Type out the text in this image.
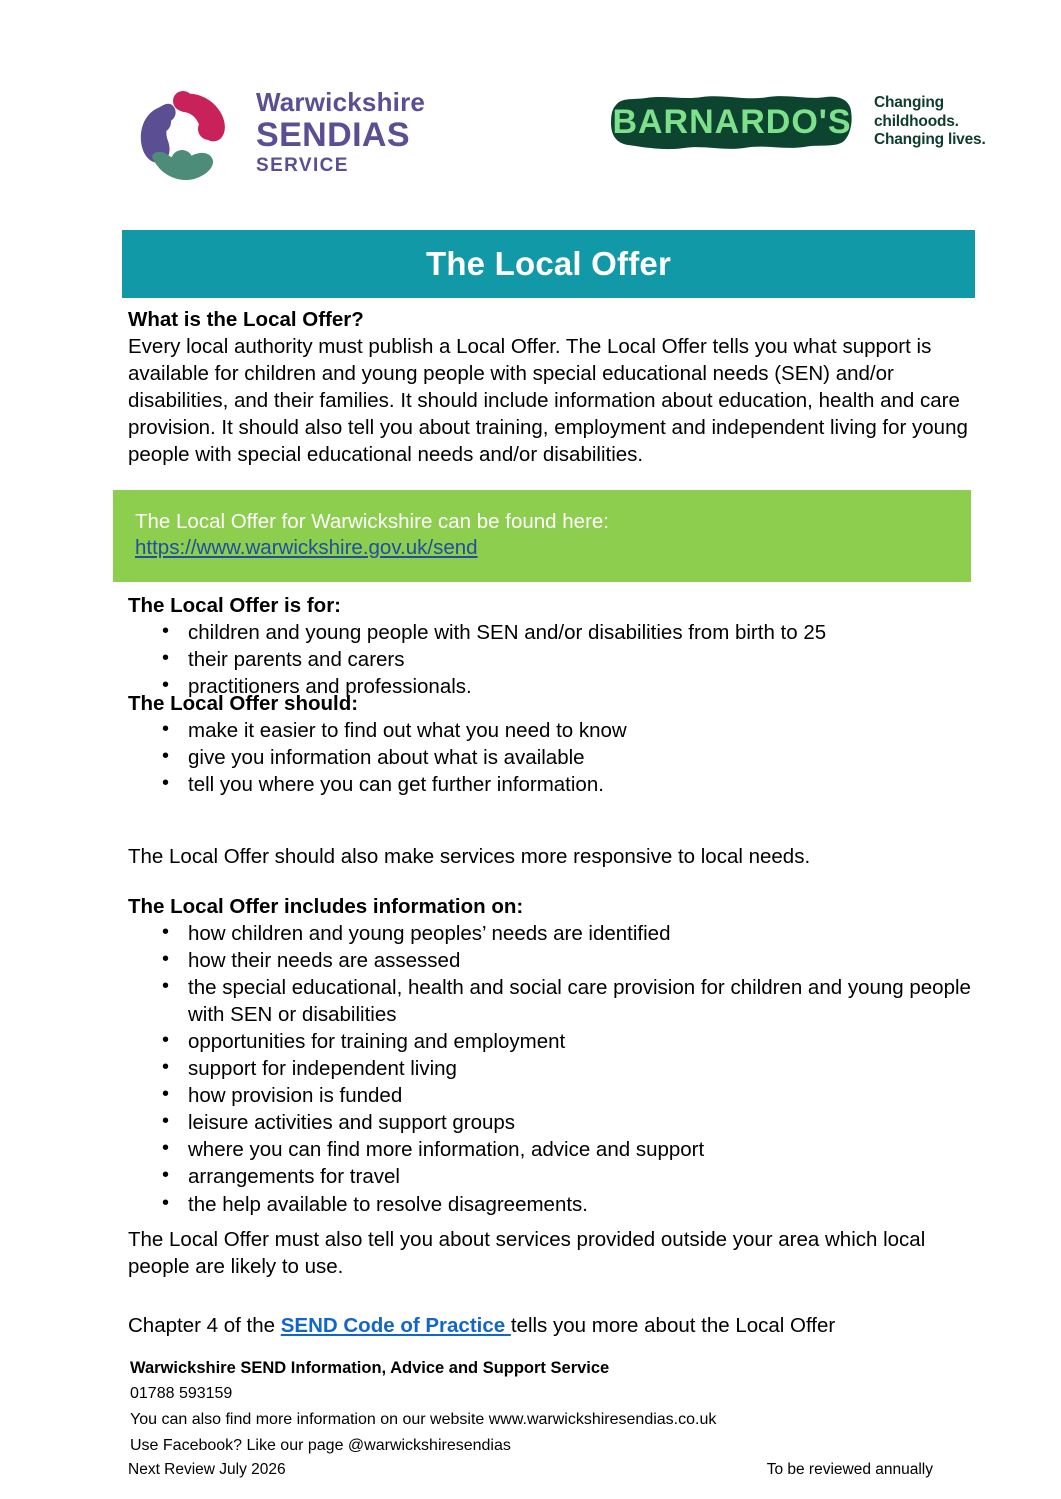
Warwickshire
SENDIAS
SERVICE
BARNARDO'S
Changing childhoods.
Changing lives.
The Local Offer
What is the Local Offer?

Every local authority must publish a Local Offer. The Local Offer tells you what support is available for children and young people with special educational needs (SEN) and/or disabilities, and their families. It should include information about education, health and care provision. It should also tell you about training, employment and independent living for young people with special educational needs and/or disabilities.

The Local Offer for Warwickshire can be found here:
https://www.warwickshire.gov.uk/send
The Local Offer is for:
• children and young people with SEN and/or disabilities from birth to 25
• their parents and carers
• practitioners and professionals.
The Local Offer should:
• make it easier to find out what you need to know
• give you information about what is available
• tell you where you can get further information.

The Local Offer should also make services more responsive to local needs.

The Local Offer includes information on:
• how children and young peoples’ needs are identified
• how their needs are assessed
• the special educational, health and social care provision for children and young people with SEN or disabilities
• opportunities for training and employment
• support for independent living
• how provision is funded
• leisure activities and support groups
• where you can find more information, advice and support
• arrangements for travel
• the help available to resolve disagreements.

The Local Offer must also tell you about services provided outside your area which local people are likely to use.

Chapter 4 of the SEND Code of Practice tells you more about the Local Offer

Warwickshire SEND Information, Advice and Support Service
01788 593159
You can also find more information on our website www.warwickshiresendias.co.uk
Use Facebook? Like our page @warwickshiresendias
Next Review July 2026	To be reviewed annually
